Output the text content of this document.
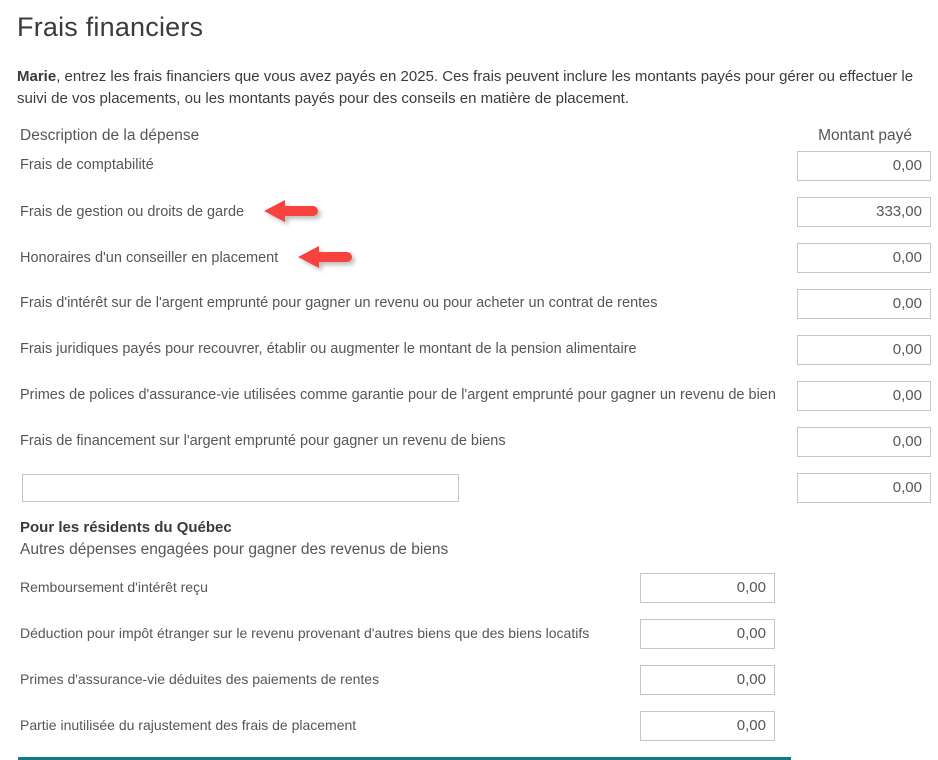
Frais financiers

Marie, entrez les frais financiers que vous avez payés en 2025. Ces frais peuvent inclure les montants payés pour gérer ou effectuer le suivi de vos placements, ou les montants payés pour des conseils en matière de placement.

Description de la dépense	Montant payé
Frais de comptabilité
0,00
Frais de gestion ou droits de garde
333,00
Honoraires d'un conseiller en placement
0,00
Frais d'intérêt sur de l'argent emprunté pour gagner un revenu ou pour acheter un contrat de rentes
0,00
Frais juridiques payés pour recouvrer, établir ou augmenter le montant de la pension alimentaire
0,00
Primes de polices d'assurance-vie utilisées comme garantie pour de l'argent emprunté pour gagner un revenu de bien
0,00
Frais de financement sur l'argent emprunté pour gagner un revenu de biens
0,00
0,00
Pour les résidents du Québec
Autres dépenses engagées pour gagner des revenus de biens
Remboursement d'intérêt reçu
0,00
Déduction pour impôt étranger sur le revenu provenant d'autres biens que des biens locatifs
0,00
Primes d'assurance-vie déduites des paiements de rentes
0,00
Partie inutilisée du rajustement des frais de placement
0,00
